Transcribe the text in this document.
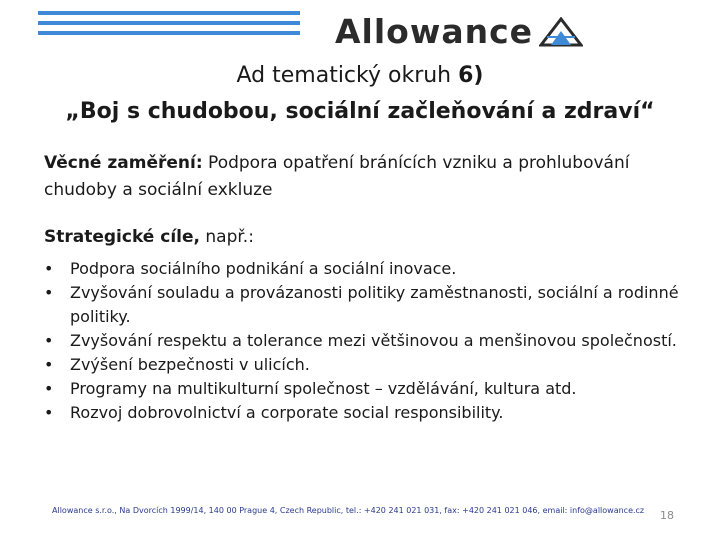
Allowance
Ad tematický okruh 6)
„Boj s chudobou, sociální začleňování a zdraví“
Věcné zaměření: Podpora opatření bránících vzniku a prohlubování chudoby a sociální exkluze
Strategické cíle, např.:
• Podpora sociálního podnikání a sociální inovace.
• Zvyšování souladu a provázanosti politiky zaměstnanosti, sociální a rodinné politiky.
• Zvyšování respektu a tolerance mezi většinovou a menšinovou společností.
• Zvýšení bezpečnosti v ulicích.
• Programy na multikulturní společnost – vzdělávání, kultura atd.
• Rozvoj dobrovolnictví a corporate social responsibility.
Allowance s.r.o., Na Dvorcích 1999/14, 140 00 Prague 4, Czech Republic, tel.: +420 241 021 031, fax: +420 241 021 046, email: info@allowance.cz	18
